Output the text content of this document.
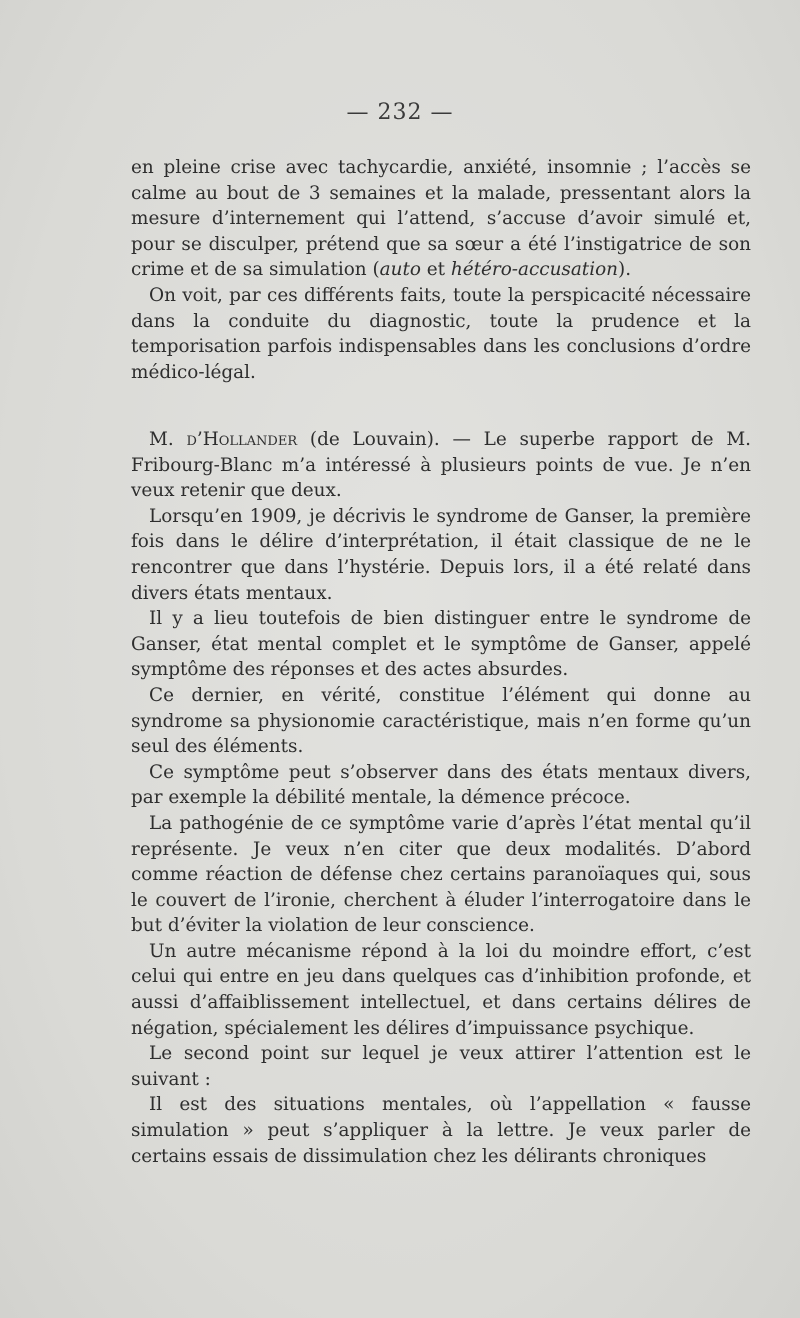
— 232 —

en pleine crise avec tachycardie, anxiété, insomnie ; l’accès se calme au bout de 3 semaines et la malade, pressentant alors la mesure d’internement qui l’attend, s’accuse d’avoir simulé et, pour se disculper, prétend que sa sœur a été l’instigatrice de son crime et de sa simulation (auto et hétéro-accusation).

On voit, par ces différents faits, toute la perspicacité nécessaire dans la conduite du diagnostic, toute la prudence et la temporisation parfois indispensables dans les conclusions d’ordre médico-légal.

M. d’Hollander (de Louvain). — Le superbe rapport de M. Fribourg-Blanc m’a intéressé à plusieurs points de vue. Je n’en veux retenir que deux.

Lorsqu’en 1909, je décrivis le syndrome de Ganser, la première fois dans le délire d’interprétation, il était classique de ne le rencontrer que dans l’hystérie. Depuis lors, il a été relaté dans divers états mentaux.

Il y a lieu toutefois de bien distinguer entre le syndrome de Ganser, état mental complet et le symptôme de Ganser, appelé symptôme des réponses et des actes absurdes.

Ce dernier, en vérité, constitue l’élément qui donne au syndrome sa physionomie caractéristique, mais n’en forme qu’un seul des éléments.

Ce symptôme peut s’observer dans des états mentaux divers, par exemple la débilité mentale, la démence précoce.

La pathogénie de ce symptôme varie d’après l’état mental qu’il représente. Je veux n’en citer que deux modalités. D’abord comme réaction de défense chez certains paranoïaques qui, sous le couvert de l’ironie, cherchent à éluder l’interrogatoire dans le but d’éviter la violation de leur conscience.

Un autre mécanisme répond à la loi du moindre effort, c’est celui qui entre en jeu dans quelques cas d’inhibition profonde, et aussi d’affaiblissement intellectuel, et dans certains délires de négation, spécialement les délires d’impuissance psychique.

Le second point sur lequel je veux attirer l’attention est le suivant :

Il est des situations mentales, où l’appellation « fausse simulation » peut s’appliquer à la lettre. Je veux parler de certains essais de dissimulation chez les délirants chroniques
